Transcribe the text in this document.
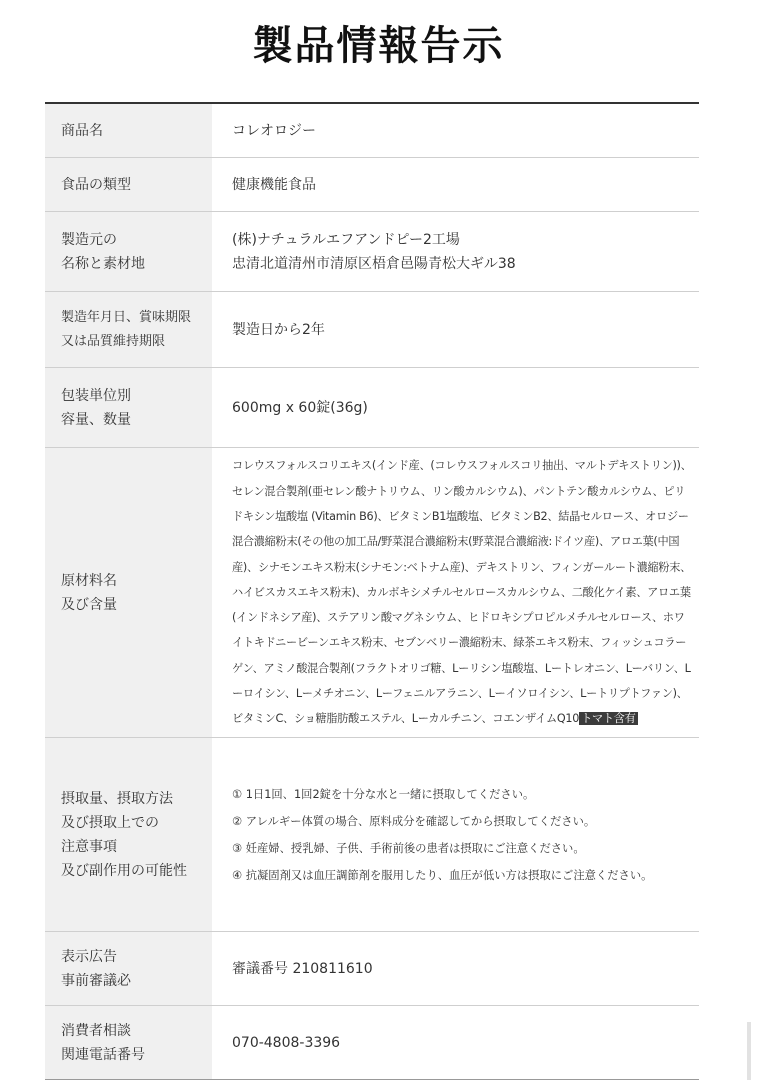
製品情報告示
商品名	コレオロジー
食品の類型	健康機能食品
製造元の
名称と素材地
(株)ナチュラルエフアンドピー2工場
忠清北道清州市清原区梧倉邑陽青松大ギル38
製造年月日、賞味期限
又は品質維持期限
製造日から2年
包装単位別
容量、数量
600mg x 60錠(36g)
原材料名
及び含量

コレウスフォルスコリエキス(インド産、(コレウスフォルスコリ抽出、マルトデキストリン))、セレン混合製剤(亜セレン酸ナトリウム、リン酸カルシウム)、パントテン酸カルシウム、ピリドキシン塩酸塩 (Vitamin B6)、ビタミンB1塩酸塩、ビタミンB2、結晶セルロース、オロジー混合濃縮粉末(その他の加工品/野菜混合濃縮粉末(野菜混合濃縮液:ドイツ産)、アロエ葉(中国産)、シナモンエキス粉末(シナモン:ベトナム産)、デキストリン、フィンガールート濃縮粉末、ハイビスカスエキス粉末)、カルボキシメチルセルロースカルシウム、二酸化ケイ素、アロエ葉(インドネシア産)、ステアリン酸マグネシウム、ヒドロキシプロピルメチルセルロース、ホワイトキドニービーンエキス粉末、セブンベリー濃縮粉末、緑茶エキス粉末、フィッシュコラーゲン、アミノ酸混合製剤(フラクトオリゴ糖、Lーリシン塩酸塩、Lートレオニン、Lーバリン、Lーロイシン、Lーメチオニン、Lーフェニルアラニン、Lーイソロイシン、Lートリプトファン)、ビタミンC、ショ糖脂肪酸エステル、Lーカルチニン、コエンザイムQ10 トマト含有

摂取量、摂取方法
及び摂取上での
注意事項
及び副作用の可能性
① 1日1回、1回2錠を十分な水と一緒に摂取してください。
② アレルギー体質の場合、原料成分を確認してから摂取してください。
③ 妊産婦、授乳婦、子供、手術前後の患者は摂取にご注意ください。
④ 抗凝固剤又は血圧調節剤を服用したり、血圧が低い方は摂取にご注意ください。
表示広告
事前審議必
審議番号 210811610
消費者相談
関連電話番号
070-4808-3396
